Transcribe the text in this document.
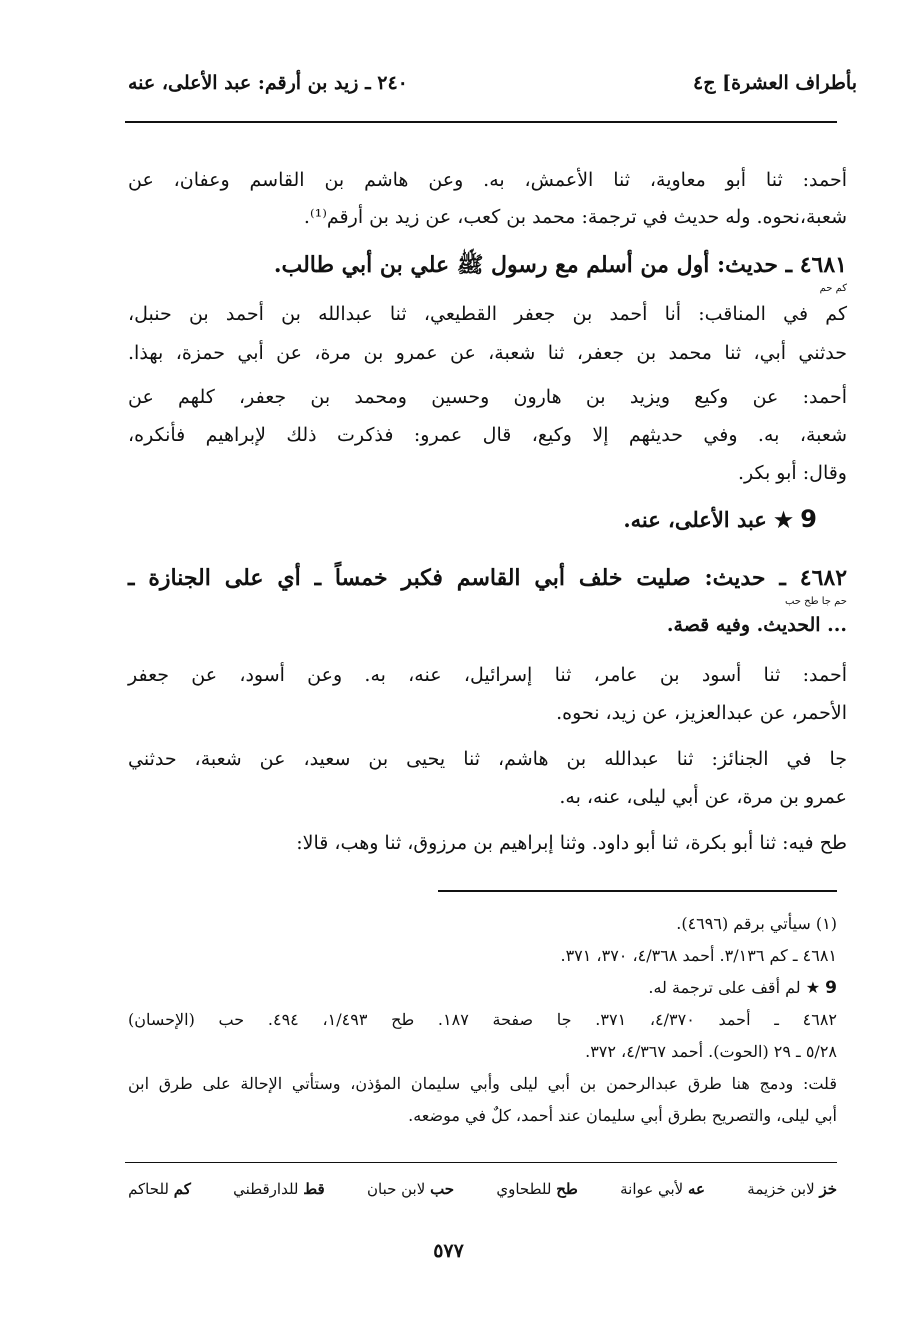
بأطراف العشرة] ج٤
٢٤٠ ـ زيد بن أرقم: عبد الأعلى، عنه
أحمد: ثنا أبو معاوية، ثنا الأعمش، به. وعن هاشم بن القاسم وعفان، عن
شعبة،نحوه. وله حديث في ترجمة: محمد بن كعب، عن زيد بن أرقم⁽¹⁾.
٤٦٨١ ـ حديث: أول من أسلم مع رسول ﷺ علي بن أبي طالب.
كم حم
كم في المناقب: أنا أحمد بن جعفر القطيعي، ثنا عبدالله بن أحمد بن حنبل،
حدثني أبي، ثنا محمد بن جعفر، ثنا شعبة، عن عمرو بن مرة، عن أبي حمزة، بهذا.
أحمد: عن وكيع ويزيد بن هارون وحسين ومحمد بن جعفر، كلهم عن
شعبة، به. وفي حديثهم إلا وكيع، قال عمرو: فذكرت ذلك لإبراهيم فأنكره،
وقال: أبو بكر.
9 ★ عبد الأعلى، عنه.
٤٦٨٢ ـ حديث: صليت خلف أبي القاسم فكبر خمساً ـ أي على الجنازة ـ
حم جا طح حب
... الحديث. وفيه قصة.
أحمد: ثنا أسود بن عامر، ثنا إسرائيل، عنه، به. وعن أسود، عن جعفر
الأحمر، عن عبدالعزيز، عن زيد، نحوه.
جا في الجنائز: ثنا عبدالله بن هاشم، ثنا يحيى بن سعيد، عن شعبة، حدثني
عمرو بن مرة، عن أبي ليلى، عنه، به.
طح فيه: ثنا أبو بكرة، ثنا أبو داود. وثنا إبراهيم بن مرزوق، ثنا وهب، قالا:
(١) سيأتي برقم (٤٦٩٦).
٤٦٨١ ـ كم ٣/١٣٦. أحمد ٤/٣٦٨، ٣٧٠، ٣٧١.
9 ★ لم أقف على ترجمة له.
٤٦٨٢ ـ أحمد ٤/٣٧٠، ٣٧١. جا صفحة ١٨٧. طح ١/٤٩٣، ٤٩٤. حب (الإحسان)
٥/٢٨ ـ ٢٩ (الحوت). أحمد ٤/٣٦٧، ٣٧٢.
قلت: ودمج هنا طرق عبدالرحمن بن أبي ليلى وأبي سليمان المؤذن، وستأتي الإحالة على طرق ابن
أبي ليلى، والتصريح بطرق أبي سليمان عند أحمد، كلٌ في موضعه.
خز لابن خزيمة
عه لأبي عوانة
طح للطحاوي
حب لابن حبان
قط للدارقطني
كم للحاكم
٥٧٧
